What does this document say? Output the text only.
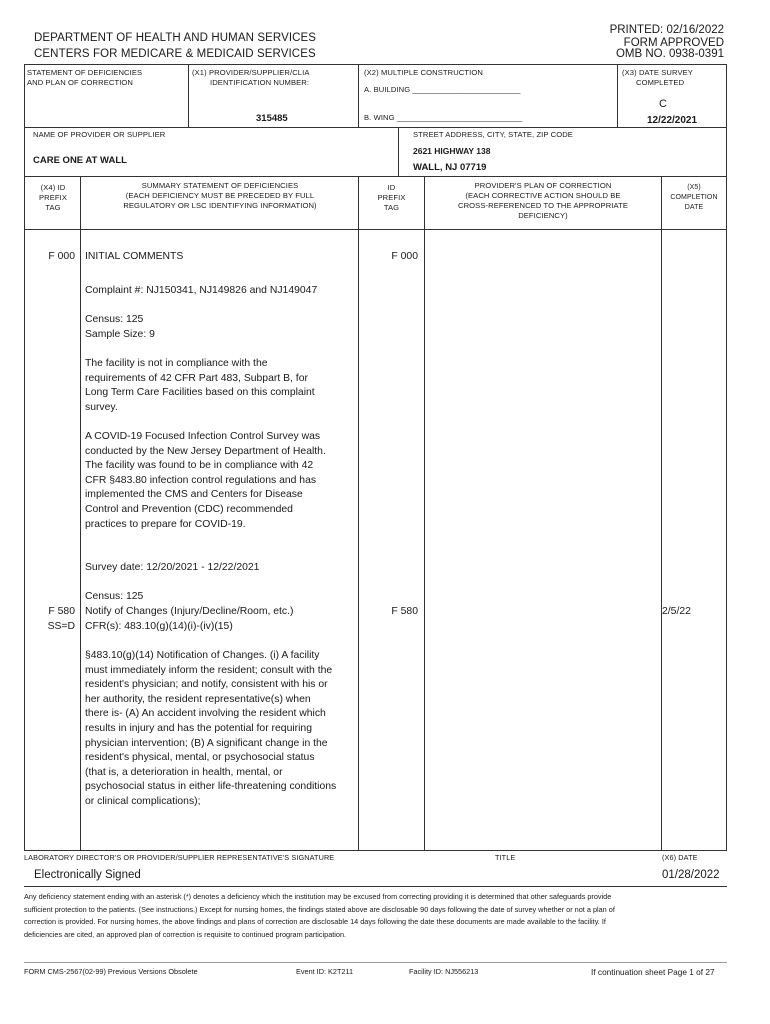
DEPARTMENT OF HEALTH AND HUMAN SERVICES
CENTERS FOR MEDICARE & MEDICAID SERVICES
PRINTED: 02/16/2022
FORM APPROVED
OMB NO. 0938-0391
STATEMENT OF DEFICIENCIES
AND PLAN OF CORRECTION
(X1) PROVIDER/SUPPLIER/CLIA
IDENTIFICATION NUMBER:
315485
(X2) MULTIPLE CONSTRUCTION
A. BUILDING _________________________
B. WING _____________________________
(X3) DATE SURVEY
COMPLETED
C
12/22/2021
NAME OF PROVIDER OR SUPPLIER
CARE ONE AT WALL
STREET ADDRESS, CITY, STATE, ZIP CODE
2621 HIGHWAY 138
WALL, NJ 07719
(X4) ID
PREFIX
TAG
SUMMARY STATEMENT OF DEFICIENCIES
(EACH DEFICIENCY MUST BE PRECEDED BY FULL
REGULATORY OR LSC IDENTIFYING INFORMATION)
ID
PREFIX
TAG
PROVIDER'S PLAN OF CORRECTION
(EACH CORRECTIVE ACTION SHOULD BE
CROSS-REFERENCED TO THE APPROPRIATE
DEFICIENCY)
(X5)
COMPLETION
DATE
F 000 INITIAL COMMENTS	F 000
Complaint #: NJ150341, NJ149826 and NJ149047
Census: 125
Sample Size: 9
The facility is not in compliance with the requirements of 42 CFR Part 483, Subpart B, for Long Term Care Facilities based on this complaint survey.
A COVID-19 Focused Infection Control Survey was conducted by the New Jersey Department of Health. The facility was found to be in compliance with 42 CFR §483.80 infection control regulations and has implemented the CMS and Centers for Disease Control and Prevention (CDC) recommended practices to prepare for COVID-19.
Survey date: 12/20/2021 - 12/22/2021
Census: 125
F 580
SS=D
Notify of Changes (Injury/Decline/Room, etc.)
CFR(s): 483.10(g)(14)(i)-(iv)(15)
F 580	2/5/22
§483.10(g)(14) Notification of Changes. (i) A facility must immediately inform the resident; consult with the resident's physician; and notify, consistent with his or her authority, the resident representative(s) when there is- (A) An accident involving the resident which results in injury and has the potential for requiring physician intervention; (B) A significant change in the resident's physical, mental, or psychosocial status (that is, a deterioration in health, mental, or psychosocial status in either life-threatening conditions or clinical complications);
LABORATORY DIRECTOR'S OR PROVIDER/SUPPLIER REPRESENTATIVE'S SIGNATURE	TITLE	(X6) DATE
Electronically Signed	01/28/2022
Any deficiency statement ending with an asterisk (*) denotes a deficiency which the institution may be excused from correcting providing it is determined that other safeguards provide sufficient protection to the patients. (See instructions.) Except for nursing homes, the findings stated above are disclosable 90 days following the date of survey whether or not a plan of correction is provided. For nursing homes, the above findings and plans of correction are disclosable 14 days following the date these documents are made available to the facility. If deficiencies are cited, an approved plan of correction is requisite to continued program participation.
FORM CMS-2567(02-99) Previous Versions Obsolete	Event ID: K2T211	Facility ID: NJ556213	If continuation sheet Page 1 of 27
